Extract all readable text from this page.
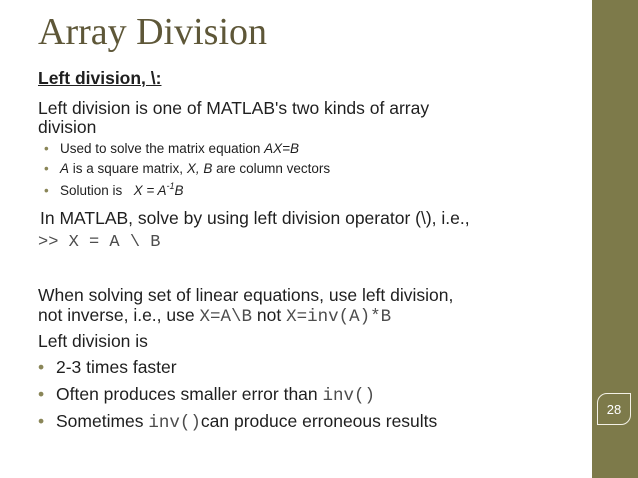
28
Array Division
Left division, \:
Left division is one of MATLAB's two kinds of array
division
• Used to solve the matrix equation AX=B
• A is a square matrix, X, B are column vectors
• Solution is   $X = A^{-1}B$
In MATLAB, solve by using left division operator (\), i.e.,
>> X = A \ B
When solving set of linear equations, use left division,
not inverse, i.e., use X=A\B not X=inv(A)*B
Left division is
• 2-3 times faster
• Often produces smaller error than inv()
• Sometimes inv()can produce erroneous results
